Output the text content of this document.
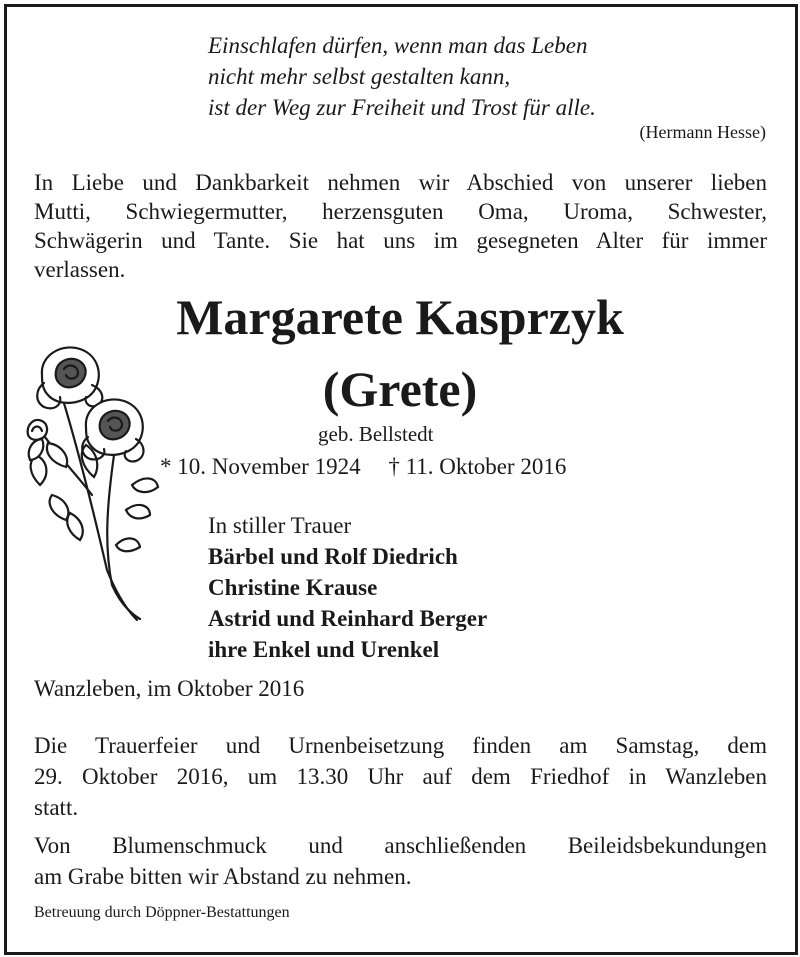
Einschlafen dürfen, wenn man das Leben
nicht mehr selbst gestalten kann,
ist der Weg zur Freiheit und Trost für alle.
(Hermann Hesse)
In Liebe und Dankbarkeit nehmen wir Abschied von unserer lieben
Mutti, Schwiegermutter, herzensguten Oma, Uroma, Schwester,
Schwägerin und Tante. Sie hat uns im gesegneten Alter für immer
verlassen.
Margarete Kasprzyk
(Grete)
geb. Bellstedt
* 10. November 1924 † 11. Oktober 2016
In stiller Trauer
Bärbel und Rolf Diedrich
Christine Krause
Astrid und Reinhard Berger
ihre Enkel und Urenkel
Wanzleben, im Oktober 2016
Die Trauerfeier und Urnenbeisetzung finden am Samstag, dem
29. Oktober 2016, um 13.30 Uhr auf dem Friedhof in Wanzleben
statt.
Von Blumenschmuck und anschließenden Beileidsbekundungen
am Grabe bitten wir Abstand zu nehmen.
Betreuung durch Döppner-Bestattungen
